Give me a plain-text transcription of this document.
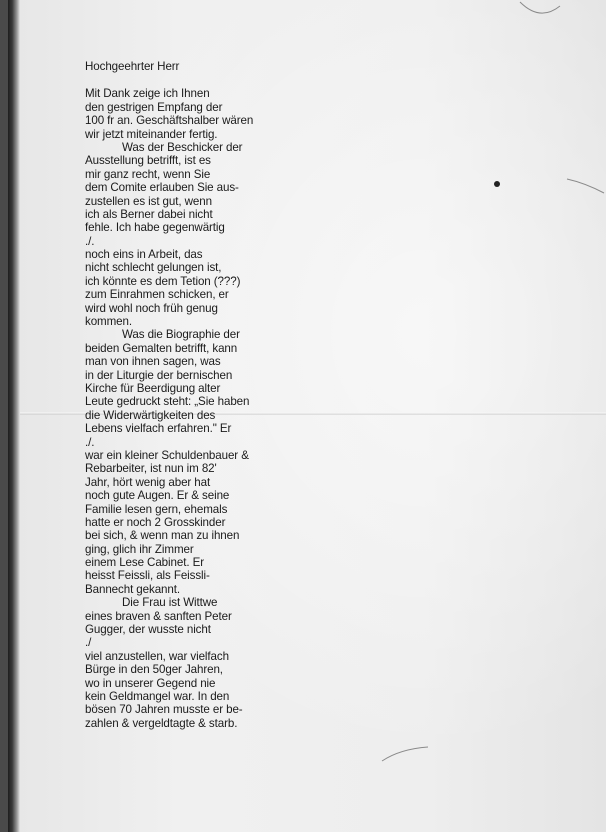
Hochgeehrter Herr
Mit Dank zeige ich Ihnen
den gestrigen Empfang der
100 fr an. Geschäftshalber wären
wir jetzt miteinander fertig.
Was der Beschicker der
Ausstellung betrifft, ist es
mir ganz recht, wenn Sie
dem Comite erlauben Sie aus-
zustellen es ist gut, wenn
ich als Berner dabei nicht
fehle. Ich habe gegenwärtig
./.
noch eins in Arbeit, das
nicht schlecht gelungen ist,
ich könnte es dem Tetion (???)
zum Einrahmen schicken, er
wird wohl noch früh genug
kommen.
Was die Biographie der
beiden Gemalten betrifft, kann
man von ihnen sagen, was
in der Liturgie der bernischen
Kirche für Beerdigung alter
Leute gedruckt steht: „Sie haben
die Widerwärtigkeiten des
Lebens vielfach erfahren." Er
./.
war ein kleiner Schuldenbauer &
Rebarbeiter, ist nun im 82'
Jahr, hört wenig aber hat
noch gute Augen. Er & seine
Familie lesen gern, ehemals
hatte er noch 2 Grosskinder
bei sich, & wenn man zu ihnen
ging, glich ihr Zimmer
einem Lese Cabinet. Er
heisst Feissli, als Feissli-
Bannecht gekannt.
Die Frau ist Wittwe
eines braven & sanften Peter
Gugger, der wusste nicht
./
viel anzustellen, war vielfach
Bürge in den 50ger Jahren,
wo in unserer Gegend nie
kein Geldmangel war. In den
bösen 70 Jahren musste er be-
zahlen & vergeldtagte & starb.
